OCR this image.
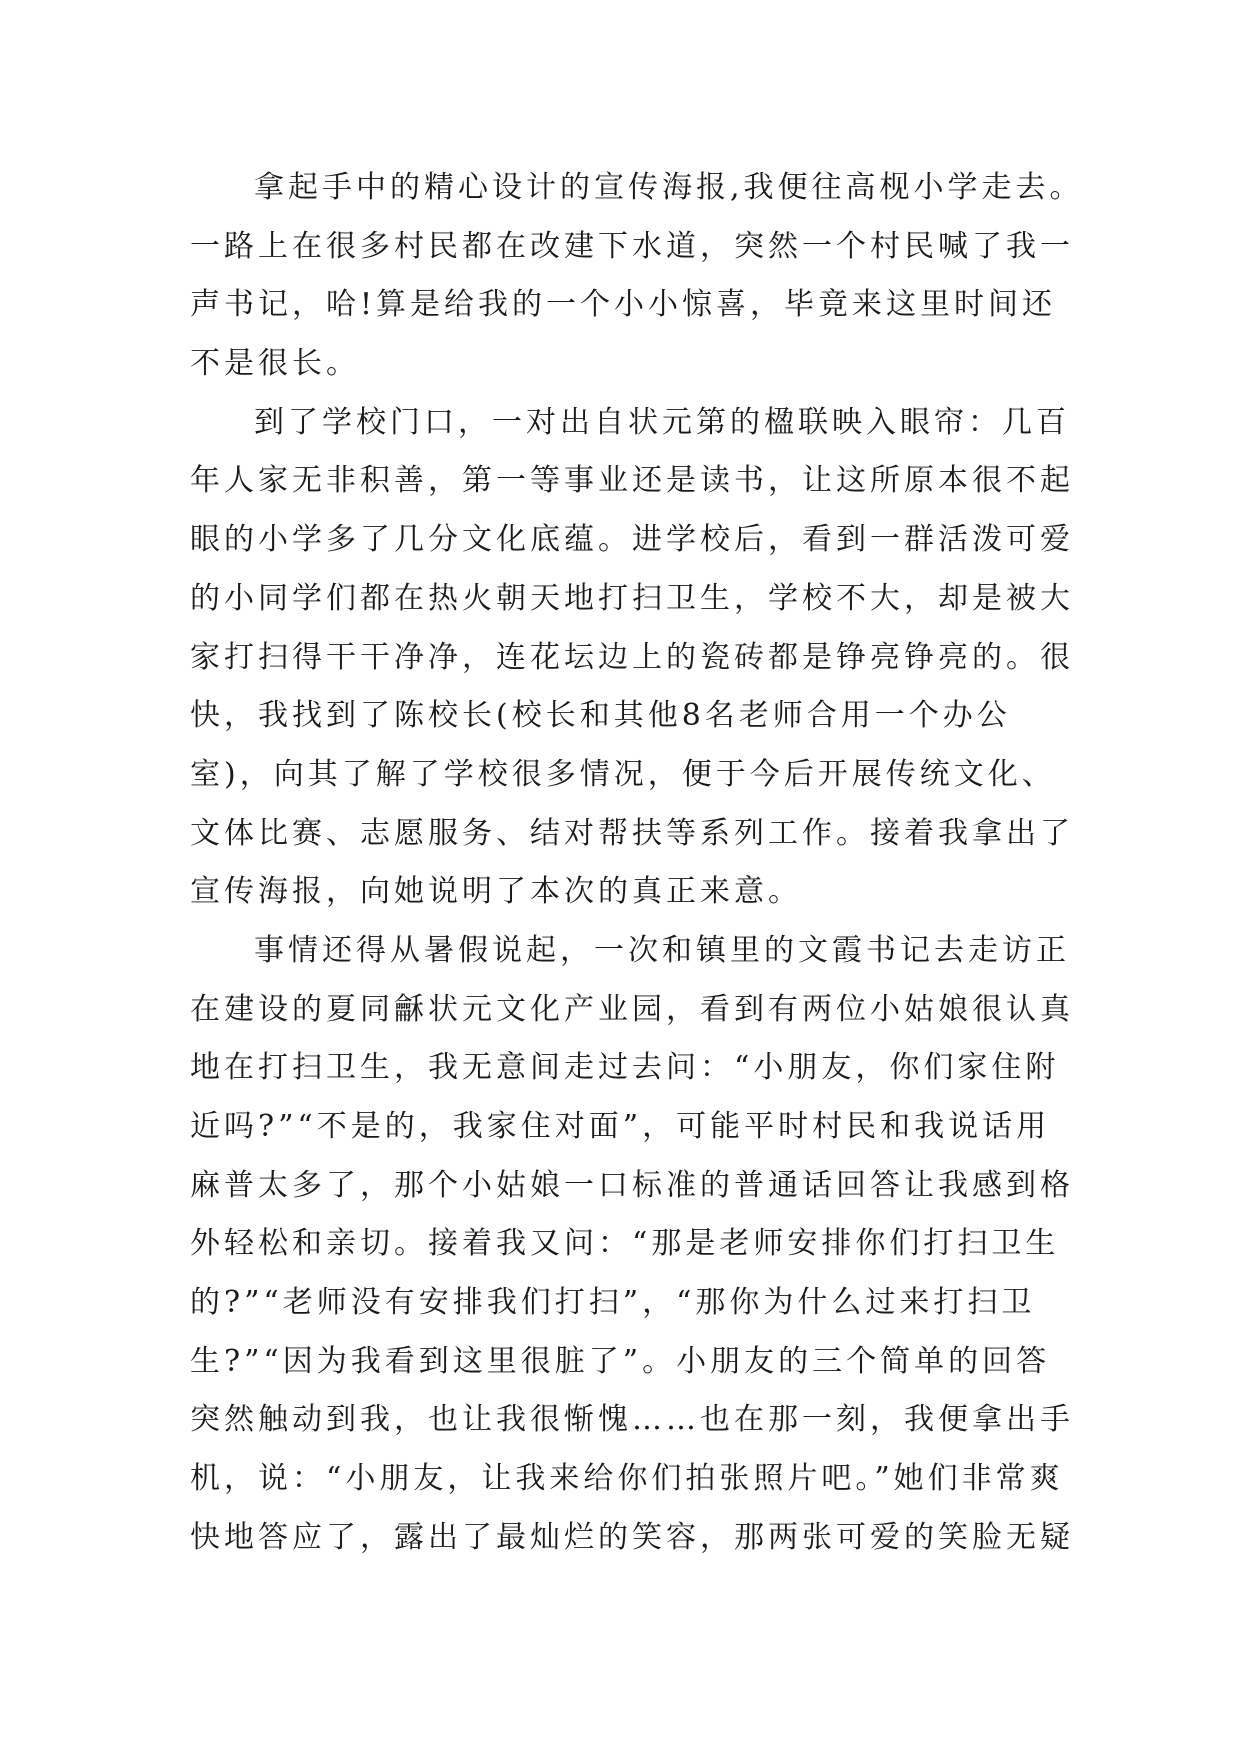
拿起手中的精心设计的宣传海报,我便往高枧小学走去。
一路上在很多村民都在改建下水道，突然一个村民喊了我一
声书记，哈!算是给我的一个小小惊喜，毕竟来这里时间还
不是很长。
到了学校门口，一对出自状元第的楹联映入眼帘：几百
年人家无非积善，第一等事业还是读书，让这所原本很不起
眼的小学多了几分文化底蕴。进学校后，看到一群活泼可爱
的小同学们都在热火朝天地打扫卫生，学校不大，却是被大
家打扫得干干净净，连花坛边上的瓷砖都是铮亮铮亮的。很
快，我找到了陈校长(校长和其他8名老师合用一个办公
室)，向其了解了学校很多情况，便于今后开展传统文化、
文体比赛、志愿服务、结对帮扶等系列工作。接着我拿出了
宣传海报，向她说明了本次的真正来意。
事情还得从暑假说起，一次和镇里的文霞书记去走访正
在建设的夏同龢状元文化产业园，看到有两位小姑娘很认真
地在打扫卫生，我无意间走过去问：“小朋友，你们家住附
近吗?”“不是的，我家住对面”，可能平时村民和我说话用
麻普太多了，那个小姑娘一口标准的普通话回答让我感到格
外轻松和亲切。接着我又问：“那是老师安排你们打扫卫生
的?”“老师没有安排我们打扫”，“那你为什么过来打扫卫
生?”“因为我看到这里很脏了”。小朋友的三个简单的回答
突然触动到我，也让我很惭愧……也在那一刻，我便拿出手
机，说：“小朋友，让我来给你们拍张照片吧。”她们非常爽
快地答应了，露出了最灿烂的笑容，那两张可爱的笑脸无疑
